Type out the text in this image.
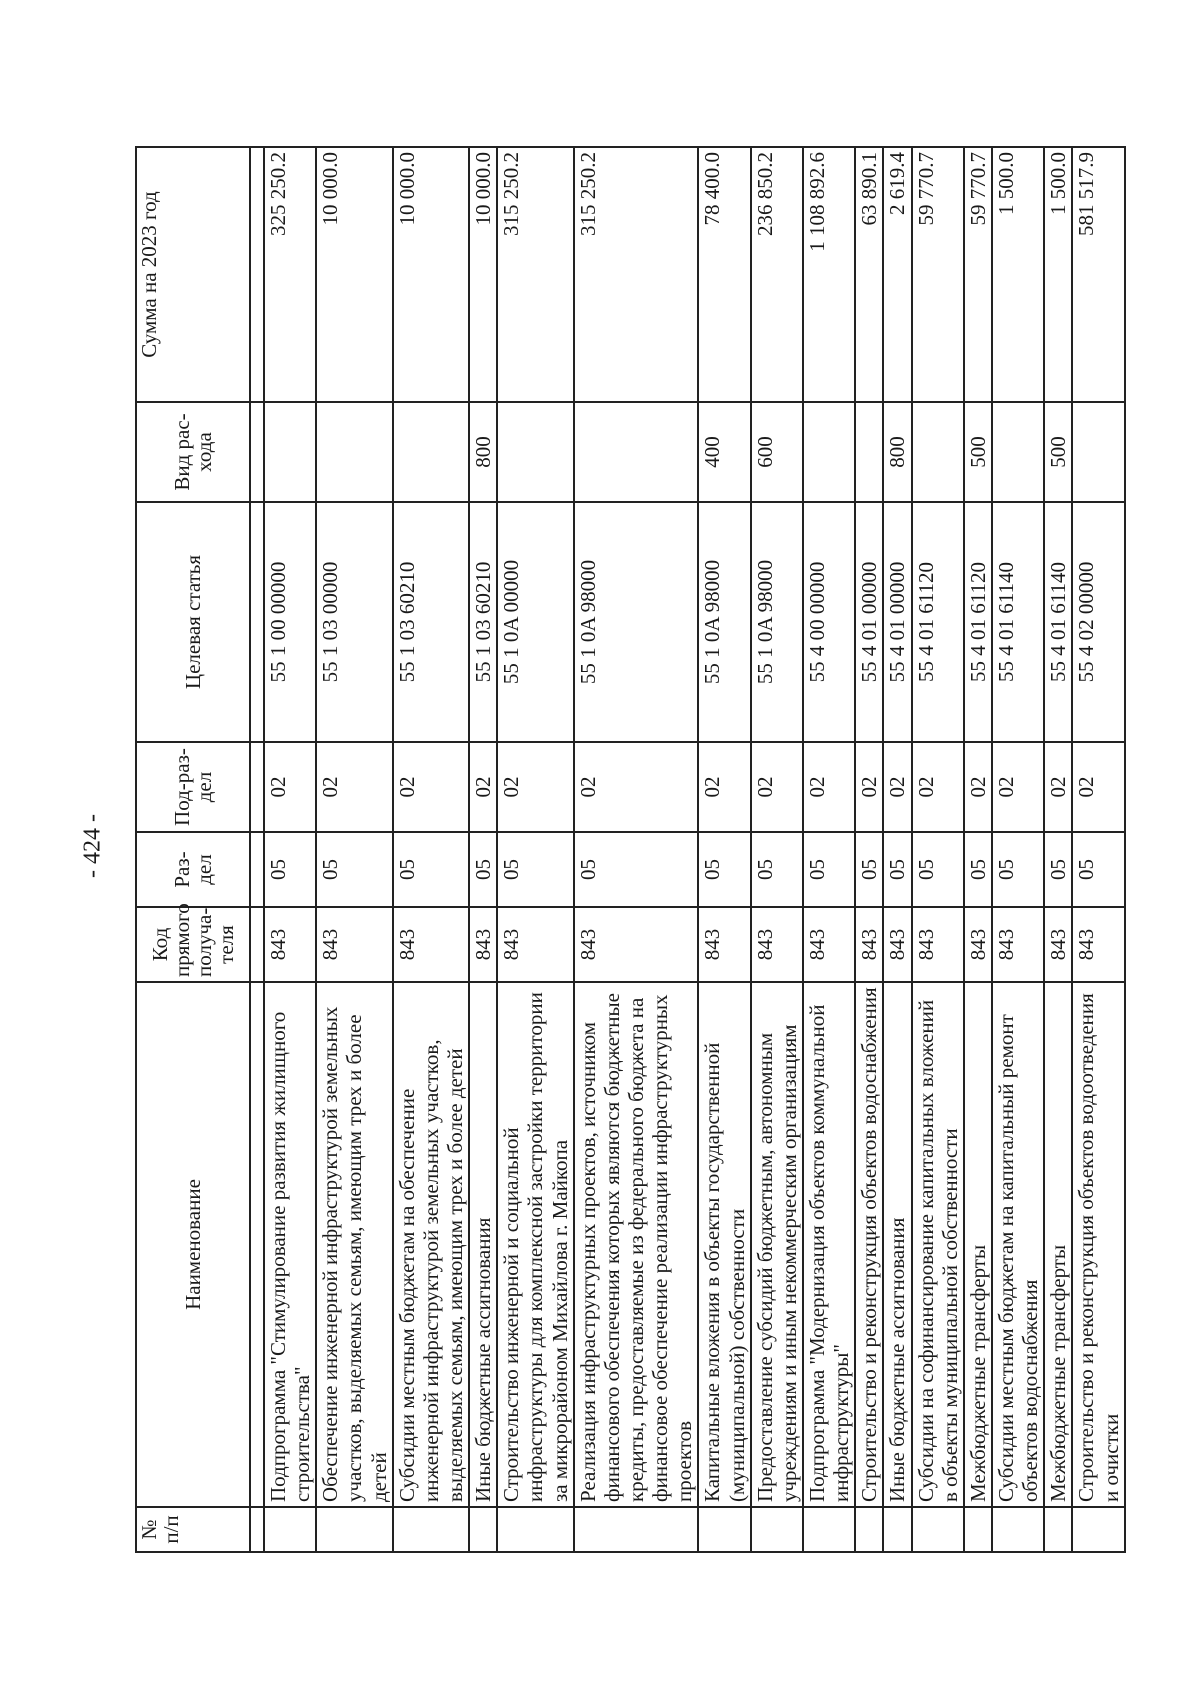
- 424 -
№ п/п	Наименование	Код прямого получа-теля	Раз-дел	Под-раз-дел	Целевая статья	Вид рас-хода	Сумма на 2023 год

	Подпрограмма "Стимулирование развития жилищного строительства"	843	05	02	55 1 00 00000		325 250.2
	Обеспечение инженерной инфраструктурой земельных участков, выделяемых семьям, имеющим трех и более детей	843	05	02	55 1 03 00000		10 000.0
	Субсидии местным бюджетам на обеспечение инженерной инфраструктурой земельных участков, выделяемых семьям, имеющим трех и более детей	843	05	02	55 1 03 60210		10 000.0
	Иные бюджетные ассигнования	843	05	02	55 1 03 60210	800	10 000.0
	Строительство инженерной и социальной инфраструктуры для комплексной застройки территории за микрорайоном Михайлова г. Майкопа	843	05	02	55 1 0A 00000		315 250.2
	Реализация инфраструктурных проектов, источником финансового обеспечения которых являются бюджетные кредиты, предоставляемые из федерального бюджета на финансовое обеспечение реализации инфраструктурных проектов	843	05	02	55 1 0A 98000		315 250.2
	Капитальные вложения в объекты государственной (муниципальной) собственности	843	05	02	55 1 0A 98000	400	78 400.0
	Предоставление субсидий бюджетным, автономным учреждениям и иным некоммерческим организациям	843	05	02	55 1 0A 98000	600	236 850.2
	Подпрограмма "Модернизация объектов коммунальной инфраструктуры"	843	05	02	55 4 00 00000		1 108 892.6
	Строительство и реконструкция объектов водоснабжения	843	05	02	55 4 01 00000		63 890.1
	Иные бюджетные ассигнования	843	05	02	55 4 01 00000	800	2 619.4
	Субсидии на софинансирование капитальных вложений в объекты муниципальной собственности	843	05	02	55 4 01 61120		59 770.7
	Межбюджетные трансферты	843	05	02	55 4 01 61120	500	59 770.7
	Субсидии местным бюджетам на капитальный ремонт объектов водоснабжения	843	05	02	55 4 01 61140		1 500.0
	Межбюджетные трансферты	843	05	02	55 4 01 61140	500	1 500.0
	Строительство и реконструкция объектов водоотведения и очистки	843	05	02	55 4 02 00000		581 517.9
